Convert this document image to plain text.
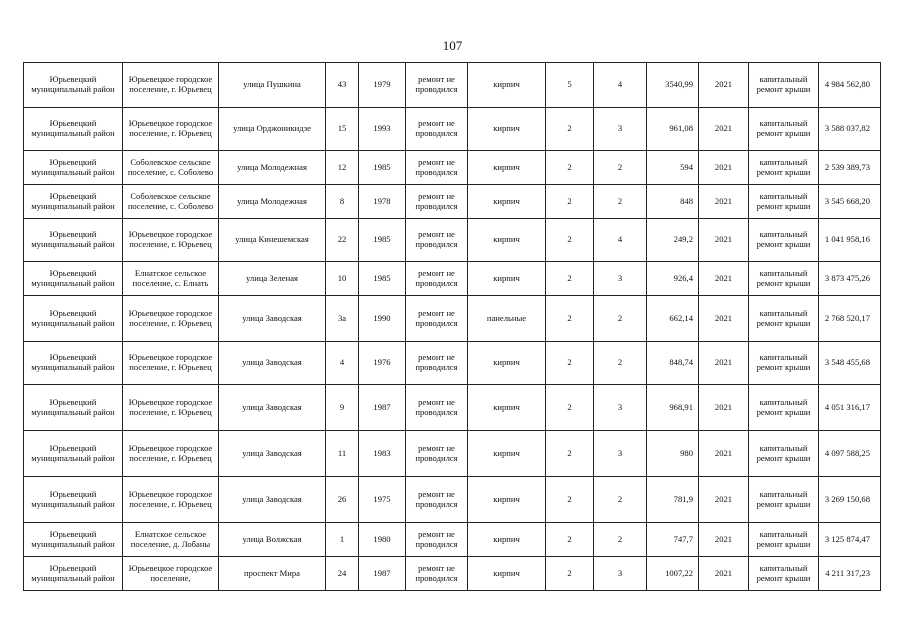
107
Юрьевецкий муниципальный район	Юрьевецкое городское поселение, г. Юрьевец	улица Пушкина	43	1979	ремонт не проводился	кирпич	5	4	3540,99	2021	капитальный ремонт крыши	4 984 562,80
Юрьевецкий муниципальный район	Юрьевецкое городское поселение, г. Юрьевец	улица Орджоникидзе	15	1993	ремонт не проводился	кирпич	2	3	961,08	2021	капитальный ремонт крыши	3 588 037,82
Юрьевецкий муниципальный район	Соболевское сельское поселение, с. Соболево	улица Молодежная	12	1985	ремонт не проводился	кирпич	2	2	594	2021	капитальный ремонт крыши	2 539 389,73
Юрьевецкий муниципальный район	Соболевское сельское поселение, с. Соболево	улица Молодежная	8	1978	ремонт не проводился	кирпич	2	2	848	2021	капитальный ремонт крыши	3 545 668,20
Юрьевецкий муниципальный район	Юрьевецкое городское поселение, г. Юрьевец	улица Кинешемская	22	1985	ремонт не проводился	кирпич	2	4	249,2	2021	капитальный ремонт крыши	1 041 958,16
Юрьевецкий муниципальный район	Елнатское сельское поселение, с. Елнать	улица Зеленая	10	1985	ремонт не проводился	кирпич	2	3	926,4	2021	капитальный ремонт крыши	3 873 475,26
Юрьевецкий муниципальный район	Юрьевецкое городское поселение, г. Юрьевец	улица Заводская	3а	1990	ремонт не проводился	панельные	2	2	662,14	2021	капитальный ремонт крыши	2 768 520,17
Юрьевецкий муниципальный район	Юрьевецкое городское поселение, г. Юрьевец	улица Заводская	4	1976	ремонт не проводился	кирпич	2	2	848,74	2021	капитальный ремонт крыши	3 548 455,68
Юрьевецкий муниципальный район	Юрьевецкое городское поселение, г. Юрьевец	улица Заводская	9	1987	ремонт не проводился	кирпич	2	3	968,91	2021	капитальный ремонт крыши	4 051 316,17
Юрьевецкий муниципальный район	Юрьевецкое городское поселение, г. Юрьевец	улица Заводская	11	1983	ремонт не проводился	кирпич	2	3	980	2021	капитальный ремонт крыши	4 097 588,25
Юрьевецкий муниципальный район	Юрьевецкое городское поселение, г. Юрьевец	улица Заводская	26	1975	ремонт не проводился	кирпич	2	2	781,9	2021	капитальный ремонт крыши	3 269 150,68
Юрьевецкий муниципальный район	Елнатское сельское поселение, д. Лобаны	улица Волжская	1	1980	ремонт не проводился	кирпич	2	2	747,7	2021	капитальный ремонт крыши	3 125 874,47
Юрьевецкий муниципальный район	Юрьевецкое городское поселение,	проспект Мира	24	1987	ремонт не проводился	кирпич	2	3	1007,22	2021	капитальный ремонт крыши	4 211 317,23
